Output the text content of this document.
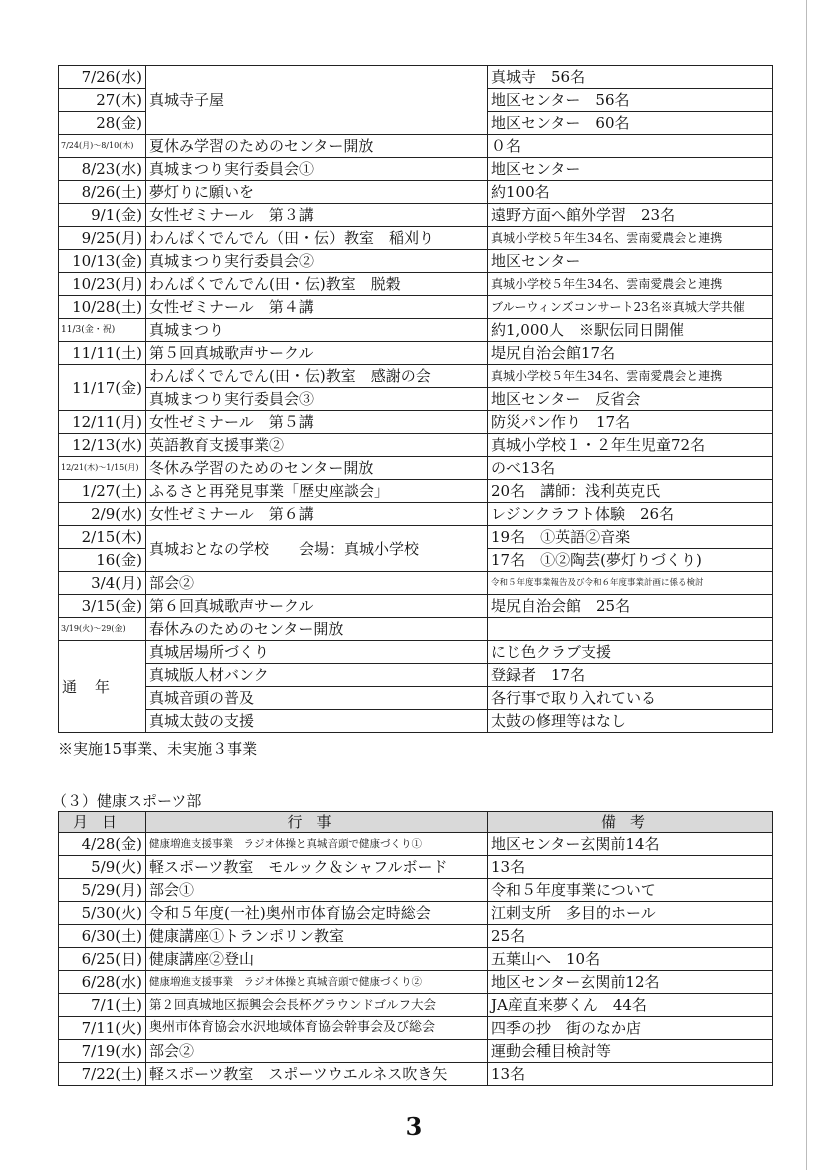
7/26(水)	真城寺子屋	真城寺　56名
27(木)		地区センター　56名
28(金)		地区センター　60名
7/24(月)～8/10(木)	夏休み学習のためのセンター開放	０名
8/23(水)	真城まつり実行委員会①	地区センター
8/26(土)	夢灯りに願いを	約100名
9/1(金)	女性ゼミナール　第３講	遠野方面へ館外学習　23名
9/25(月)	わんぱくでんでん（田・伝）教室　稲刈り	真城小学校５年生34名、雲南愛農会と連携
10/13(金)	真城まつり実行委員会②	地区センター
10/23(月)	わんぱくでんでん(田・伝)教室　脱穀	真城小学校５年生34名、雲南愛農会と連携
10/28(土)	女性ゼミナール　第４講	ブルーウィンズコンサート23名※真城大学共催
11/3(金・祝)	真城まつり	約1,000人　※駅伝同日開催
11/11(土)	第５回真城歌声サークル	堤尻自治会館17名
11/17(金)	わんぱくでんでん(田・伝)教室　感謝の会	真城小学校５年生34名、雲南愛農会と連携
	真城まつり実行委員会③	地区センター　反省会
12/11(月)	女性ゼミナール　第５講	防災パン作り　17名
12/13(水)	英語教育支援事業②	真城小学校１・２年生児童72名
12/21(木)～1/15(月)	冬休み学習のためのセンター開放	のべ13名
1/27(土)	ふるさと再発見事業「歴史座談会」	20名　講師：浅利英克氏
2/9(水)	女性ゼミナール　第６講	レジンクラフト体験　26名
2/15(木)	真城おとなの学校　　会場：真城小学校	19名　①英語②音楽
16(金)		17名　①②陶芸(夢灯りづくり)
3/4(月)	部会②	令和５年度事業報告及び令和６年度事業計画に係る検討
3/15(金)	第６回真城歌声サークル	堤尻自治会館　25名
3/19(火)～29(金)	春休みのためのセンター開放	
通年	真城居場所づくり	にじ色クラブ支援
	真城版人材バンク	登録者　17名
	真城音頭の普及	各行事で取り入れている
	真城太鼓の支援	太鼓の修理等はなし
※実施15事業、未実施３事業
（３）健康スポーツ部
月日	行事	備考
4/28(金)	健康増進支援事業　ラジオ体操と真城音頭で健康づくり①	地区センター玄関前14名
5/9(火)	軽スポーツ教室　モルック＆シャフルボード	13名
5/29(月)	部会①	令和５年度事業について
5/30(火)	令和５年度(一社)奥州市体育協会定時総会	江刺支所　多目的ホール
6/30(土)	健康講座①トランポリン教室	25名
6/25(日)	健康講座②登山	五葉山へ　10名
6/28(水)	健康増進支援事業　ラジオ体操と真城音頭で健康づくり②	地区センター玄関前12名
7/1(土)	第２回真城地区振興会会長杯グラウンドゴルフ大会	JA産直来夢くん　44名
7/11(火)	奥州市体育協会水沢地域体育協会幹事会及び総会	四季の抄　街のなか店
7/19(水)	部会②	運動会種目検討等
7/22(土)	軽スポーツ教室　スポーツウエルネス吹き矢	13名
3
